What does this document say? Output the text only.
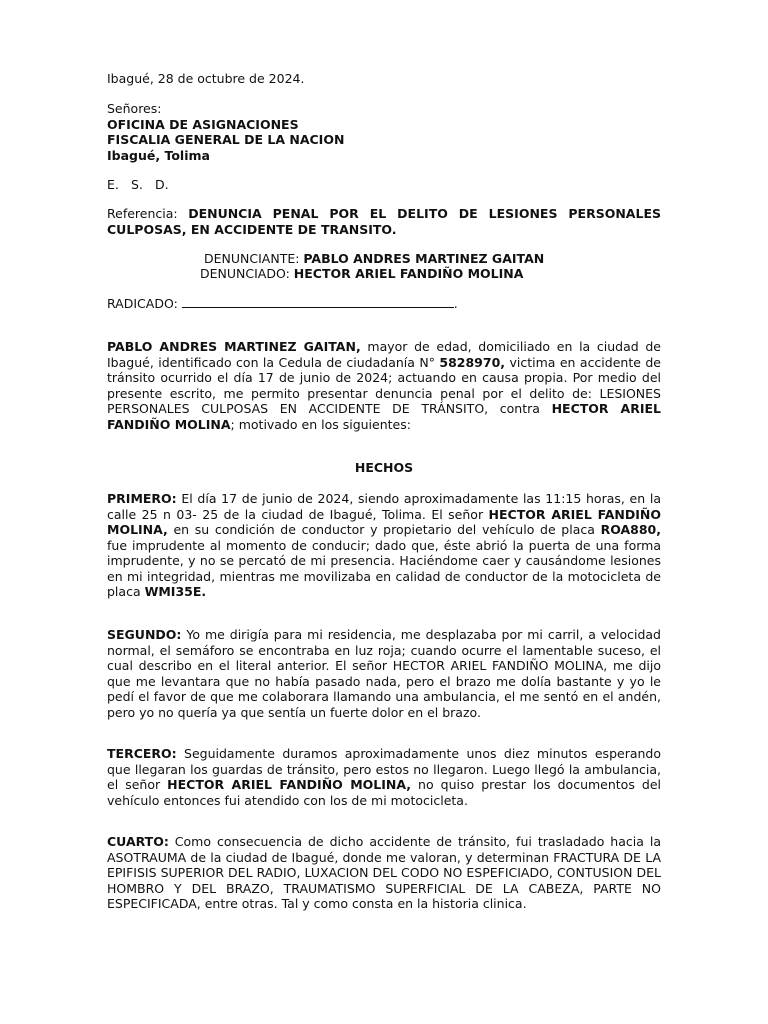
Ibagué, 28 de octubre de 2024.
Señores:
OFICINA DE ASIGNACIONES
FISCALIA GENERAL DE LA NACION
Ibagué, Tolima
E. S. D.
Referencia: DENUNCIA PENAL POR EL DELITO DE LESIONES PERSONALES CULPOSAS, EN ACCIDENTE DE TRANSITO.
DENUNCIANTE: PABLO ANDRES MARTINEZ GAITAN
DENUNCIADO: HECTOR ARIEL FANDIÑO MOLINA
RADICADO:	.
PABLO ANDRES MARTINEZ GAITAN, mayor de edad, domiciliado en la ciudad de Ibagué, identificado con la Cedula de ciudadanía N° 5828970, victima en accidente de tránsito ocurrido el día 17 de junio de 2024; actuando en causa propia. Por medio del presente escrito, me permito presentar denuncia penal por el delito de: LESIONES PERSONALES CULPOSAS EN ACCIDENTE DE TRÁNSITO, contra HECTOR ARIEL FANDIÑO MOLINA; motivado en los siguientes:
HECHOS
PRIMERO: El día 17 de junio de 2024, siendo aproximadamente las 11:15 horas, en la calle 25 n 03- 25 de la ciudad de Ibagué, Tolima. El señor HECTOR ARIEL FANDIÑO MOLINA, en su condición de conductor y propietario del vehículo de placa ROA880, fue imprudente al momento de conducir; dado que, éste abrió la puerta de una forma imprudente, y no se percató de mi presencia. Haciéndome caer y causándome lesiones en mi integridad, mientras me movilizaba en calidad de conductor de la motocicleta de placa WMI35E.
SEGUNDO: Yo me dirigía para mi residencia, me desplazaba por mi carril, a velocidad normal, el semáforo se encontraba en luz roja; cuando ocurre el lamentable suceso, el cual describo en el literal anterior. El señor HECTOR ARIEL FANDIÑO MOLINA, me dijo que me levantara que no había pasado nada, pero el brazo me dolía bastante y yo le pedí el favor de que me colaborara llamando una ambulancia, el me sentó en el andén, pero yo no quería ya que sentía un fuerte dolor en el brazo.
TERCERO: Seguidamente duramos aproximadamente unos diez minutos esperando que llegaran los guardas de tránsito, pero estos no llegaron. Luego llegó la ambulancia, el señor HECTOR ARIEL FANDIÑO MOLINA, no quiso prestar los documentos del vehículo entonces fui atendido con los de mi motocicleta.
CUARTO: Como consecuencia de dicho accidente de tránsito, fui trasladado hacia la ASOTRAUMA de la ciudad de Ibagué, donde me valoran, y determinan FRACTURA DE LA EPIFISIS SUPERIOR DEL RADIO, LUXACION DEL CODO NO ESPEFICIADO, CONTUSION DEL HOMBRO Y DEL BRAZO, TRAUMATISMO SUPERFICIAL DE LA CABEZA, PARTE NO ESPECIFICADA, entre otras. Tal y como consta en la historia clinica.
